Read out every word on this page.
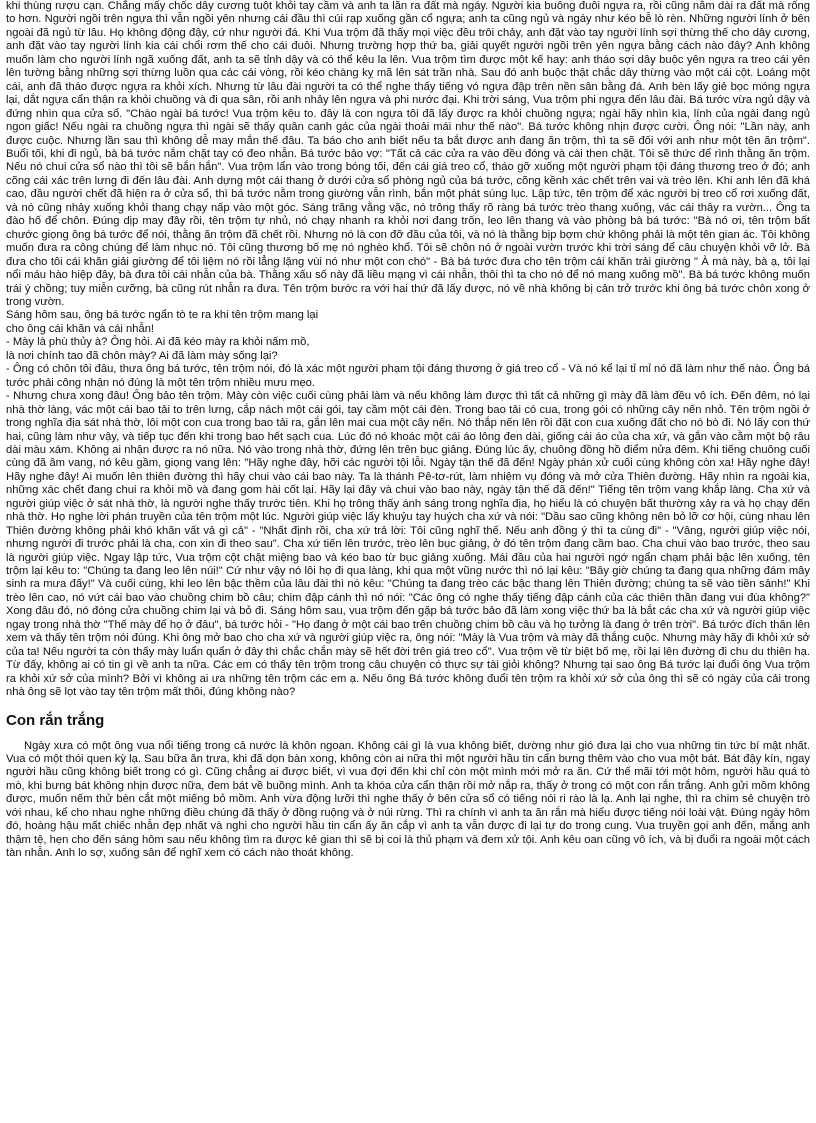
khi thùng rượu cạn. Chẳng mấy chốc dây cương tuột khỏi tay cầm và anh ta lăn ra đất mà ngáy. Người kia buông đuôi ngựa ra, rồi cũng nằm dài ra đất mà rống to hơn. Người ngồi trên ngựa thì vẫn ngồi yên nhưng cái đầu thì cúi rạp xuống gần cổ ngựa; anh ta cũng ngủ và ngáy như kéo bễ lò rèn. Những người lính ở bên ngoài đã ngủ từ lâu. Họ không động đậy, cứ như người đá. Khi Vua trộm đã thấy mọi việc đều trôi chảy, anh đặt vào tay người lính sợi thừng thế cho dây cương, anh đặt vào tay người lính kia cái chổi rơm thế cho cái đuôi. Nhưng trường hợp thứ ba, giải quyết người ngồi trên yên ngựa bằng cách nào đây? Anh không muốn làm cho người lính ngã xuống đất, anh ta sẽ tỉnh dậy và có thể kêu la lên. Vua trộm tìm được một kế hay: anh tháo sợi dây buộc yên ngựa ra treo cái yên lên tường bằng những sợi thừng luồn qua các cái vòng, rồi kéo chàng kỵ mã lên sát trần nhà. Sau đó anh buộc thật chắc dây thừng vào một cái cột. Loáng một cái, anh đã tháo được ngựa ra khỏi xích. Nhưng từ lâu đài người ta có thể nghe thấy tiếng vó ngựa đập trên nền sân bằng đá. Anh bèn lấy giẻ bọc móng ngựa lại, dắt ngựa cẩn thận ra khỏi chuồng và đi qua sân, rồi anh nhảy lên ngựa và phi nước đại. Khi trời sáng, Vua trộm phi ngựa đến lâu đài. Bá tước vừa ngủ dậy và đứng nhìn qua cửa sổ. "Chào ngài bá tước! Vua trộm kêu to. đây là con ngựa tôi đã lấy được ra khỏi chuồng ngựa; ngài hãy nhìn kìa, lính của ngài đang ngủ ngon giấc! Nếu ngài ra chuồng ngựa thì ngài sẽ thấy quân canh gác của ngài thoải mái như thế nào". Bá tước không nhịn được cười. Ông nói: "Lần này, anh được cuộc. Nhưng lần sau thì không dễ may mắn thế đâu. Ta báo cho anh biết nếu ta bắt được anh đang ăn trộm, thì ta sẽ đối với anh như một tên ăn trộm". Buổi tối, khi đi ngủ, bà bá tước nắm chặt tay có đeo nhẫn. Bá tước bảo vợ: "Tất cả các cửa ra vào đều đóng và cài then chặt. Tôi sẽ thức để rình thằng ăn trộm. Nếu nó chui cửa sổ nào thì tôi sẽ bắn hắn". Vua trộm lẩn vào trong bóng tối, đến cái giá treo cổ, tháo gỡ xuống một người phạm tội đáng thương treo ở đó; anh cõng cái xác trên lưng đi đến lâu đài. Anh dựng một cái thang ở dưới cửa sổ phòng ngủ của bá tước, cõng kềnh xác chết trên vai và trèo lên. Khi anh lên đã khá cao, đầu người chết đã hiện ra ở cửa sổ, thì bá tước nằm trong giường vẫn rình, bắn một phát súng lục. Lập tức, tên trộm để xác người bị treo cổ rơi xuống đất, và nó cũng nhảy xuống khỏi thang chạy nấp vào một góc. Sáng trăng vằng vặc, nó trông thấy rõ ràng bá tước trèo thang xuống, vác cái thây ra vườn... Ông ta đào hố để chôn. Đúng dịp may đây rồi, tên trộm tự nhủ, nó chạy nhanh ra khỏi nơi đang trốn, leo lên thang và vào phòng bà bá tước: "Bà nó ơi, tên trộm bất chước giọng ông bá tước để nói, thằng ăn trộm đã chết rồi. Nhưng nó là con đỡ đầu của tôi, và nó là thằng bịp bợm chứ không phải là một tên gian ác. Tôi không muốn đưa ra công chúng để làm nhục nó. Tôi cũng thương bố mẹ nó nghèo khổ. Tôi sẽ chôn nó ở ngoài vườn trước khi trời sáng để câu chuyện khỏi vỡ lở. Bà đưa cho tôi cái khăn giải giường để tôi liệm nó rồi lẳng lặng vùi nó như một con chó" - Bà bá tước đưa cho tên trộm cái khăn trải giường " À mà này, bà ạ, tôi lại nổi máu hào hiệp đây, bà đưa tôi cái nhẫn của bà. Thằng xấu số này đã liều mạng vì cái nhẫn, thôi thì ta cho nó để nó mang xuống mồ". Bà bá tước không muốn trái ý chồng; tuy miễn cưỡng, bà cũng rút nhẫn ra đưa. Tên trộm bước ra với hai thứ đã lấy được, nó về nhà không bị cản trở trước khi ông bá tước chôn xong ở trong vườn.

Sáng hôm sau, ông bá tước ngẩn tò te ra khi tên trộm mang lại

cho ông cái khăn và cái nhẫn!

- Mày là phù thủy à? Ông hỏi. Ai đã kéo mày ra khỏi nấm mồ,

là nơi chính tao đã chôn mày? Ai đã làm mày sống lại?

- Ông có chôn tôi đâu, thưa ông bá tước, tên trộm nói, đó là xác một người phạm tội đáng thương ở giá treo cổ - Và nó kể lại tỉ mỉ nó đã làm như thế nào. Ông bá tước phải công nhận nó đúng là một tên trộm nhiều mưu mẹo.

- Nhưng chưa xong đâu! Ông bảo tên trộm. Mày còn việc cuối cùng phải làm và nếu không làm được thì tất cả những gì mày đã làm đều vô ích. Đến đêm, nó lại nhà thờ làng, vác một cái bao tải to trên lưng, cắp nách một cái gói, tay cầm một cái đèn. Trong bao tải có cua, trong gói có những cây nến nhỏ. Tên trộm ngồi ở trong nghĩa địa sát nhà thờ, lôi một con cua trong bao tải ra, gắn lên mai cua một cây nến. Nó thắp nến lên rồi đặt con cua xuống đất cho nó bò đi. Nó lấy con thứ hai, cũng làm như vậy, và tiếp tục đến khi trong bao hết sạch cua. Lúc đó nó khoác một cái áo lông đen dài, giống cái áo của cha xứ, và gắn vào cằm một bộ râu dài màu xám. Không ai nhận được ra nó nữa. Nó vào trong nhà thờ, đứng lên trên bục giảng. Đúng lúc ấy, chuông đồng hồ điểm nửa đêm. Khi tiếng chuông cuối cùng đã âm vang, nó kêu gầm, giọng vang lên: "Hãy nghe đây, hỡi các người tội lỗi. Ngày tận thế đã đến! Ngày phán xử cuối cùng không còn xa! Hãy nghe đây! Hãy nghe đây! Ai muốn lên thiên đường thì hãy chui vào cái bao này. Ta là thánh Pê-tơ-rút, làm nhiệm vụ đóng và mở cửa Thiên đường. Hãy nhìn ra ngoài kia, những xác chết đang chui ra khỏi mồ và đang gom hài cốt lại. Hãy lại đây và chui vào bao này, ngày tận thế đã đến!" Tiếng tên trộm vang khắp làng. Cha xứ và người giúp việc ở sát nhà thờ, là người nghe thấy trước tiên. Khi họ trông thấy ánh sáng trong nghĩa địa, họ hiểu là có chuyện bất thường xảy ra và họ chạy đến nhà thờ. Họ nghe lời phán truyền của tên trộm một lúc. Người giúp việc lấy khuỷu tay huých cha xứ và nói: "Dầu sao cũng không nên bỏ lỡ cơ hội, cùng nhau lên Thiên đường không phải khó khăn vất vả gì cả" - "Nhất định rồi, cha xứ trả lời: Tôi cũng nghĩ thế. Nếu anh đồng ý thì ta cùng đi" - "Vâng, người giúp việc nói, nhưng người đi trước phải là cha, con xin đi theo sau". Cha xứ tiến lên trước, trèo lên bục giảng, ở đó tên trộm đang cầm bao. Cha chui vào bao trước, theo sau là người giúp việc. Ngay lập tức, Vua trộm cột chặt miệng bao và kéo bao từ bục giảng xuống. Mái đầu của hai người ngớ ngẩn chạm phải bậc lên xuống, tên trộm lại kêu to: "Chúng ta đang leo lên núi!" Cứ như vậy nó lôi họ đi qua làng, khi qua một vũng nước thì nó lại kêu: "Bây giờ chúng ta đang qua những đám mây sinh ra mưa đấy!" Và cuối cùng, khi leo lên bậc thềm của lâu đài thì nó kêu: "Chúng ta đang trèo các bậc thang lên Thiên đường; chúng ta sẽ vào tiền sảnh!" Khi trèo lên cao, nó vứt cái bao vào chuồng chim bồ câu; chim đập cánh thì nó nói: "Các ông có nghe thấy tiếng đập cánh của các thiên thần đang vui đùa không?" Xong đâu đó, nó đóng cửa chuồng chim lại và bỏ đi. Sáng hôm sau, vua trộm đến gặp bá tước bảo đã làm xong việc thứ ba là bắt các cha xứ và người giúp việc ngay trong nhà thờ "Thế mày để họ ở đâu", bá tước hỏi - "Họ đang ở một cái bao trên chuồng chim bồ câu và họ tưởng là đang ở trên trời". Bá tước đích thân lên xem và thấy tên trộm nói đúng. Khi ông mở bao cho cha xứ và người giúp việc ra, ông nói: "Mày là Vua trộm và mày đã thắng cuộc. Nhưng mày hãy đi khỏi xứ sở của ta! Nếu người ta còn thấy mày luẩn quẩn ở đây thì chắc chắn mày sẽ hết đời trên giá treo cổ". Vua trộm về từ biệt bố mẹ, rồi lại lên đường đi chu du thiên hạ. Từ đấy, không ai có tin gì về anh ta nữa. Các em có thấy tên trộm trong câu chuyện có thực sự tài giỏi không? Nhưng tại sao ông Bá tước lại đuổi ông Vua trộm ra khỏi xứ sở của mình? Bởi vì không ai ưa những tên trộm các em ạ. Nếu ông Bá tước không đuổi tên trộm ra khỏi xứ sở của ông thì sẽ có ngày của cải trong nhà ông sẽ lọt vào tay tên trộm mất thôi, đúng không nào?

Con rắn trắng

Ngày xưa có một ông vua nổi tiếng trong cả nước là khôn ngoan. Không cái gì là vua không biết, dường như gió đưa lại cho vua những tin tức bí mật nhất. Vua có một thói quen kỳ lạ. Sau bữa ăn trưa, khi đã dọn bàn xong, không còn ai nữa thì một người hầu tin cẩn bưng thêm vào cho vua một bát. Bát đậy kín, ngay người hầu cũng không biết trong có gì. Cũng chẳng ai được biết, vì vua đợi đến khi chỉ còn một mình mới mở ra ăn. Cứ thế mãi tới một hôm, người hầu quá tò mò, khi bưng bát không nhịn được nữa, đem bát về buồng mình. Anh ta khóa cửa cẩn thận rồi mở nắp ra, thấy ở trong có một con rắn trắng. Anh gửi mồm không được, muốn nếm thử bèn cắt một miếng bỏ mồm. Anh vừa động lưỡi thì nghe thấy ở bên cửa sổ có tiếng nói ri rào là lạ. Anh lại nghe, thì ra chim sẻ chuyện trò với nhau, kể cho nhau nghe những điều chúng đã thấy ở đồng ruộng và ở núi rừng. Thì ra chính vì anh ta ăn rắn mà hiểu được tiếng nói loài vật. Đúng ngày hôm đó, hoàng hậu mất chiếc nhẫn đẹp nhất và nghi cho người hầu tin cẩn ấy ăn cắp vì anh ta vẫn được đi lại tự do trong cung. Vua truyền gọi anh đến, mắng anh thậm tệ, hẹn cho đến sáng hôm sau nếu không tìm ra được kẻ gian thì sẽ bị coi là thủ phạm và đem xử tội. Anh kêu oan cũng vô ích, và bị đuổi ra ngoài một cách tàn nhẫn. Anh lo sợ, xuống sân để nghĩ xem có cách nào thoát không.
